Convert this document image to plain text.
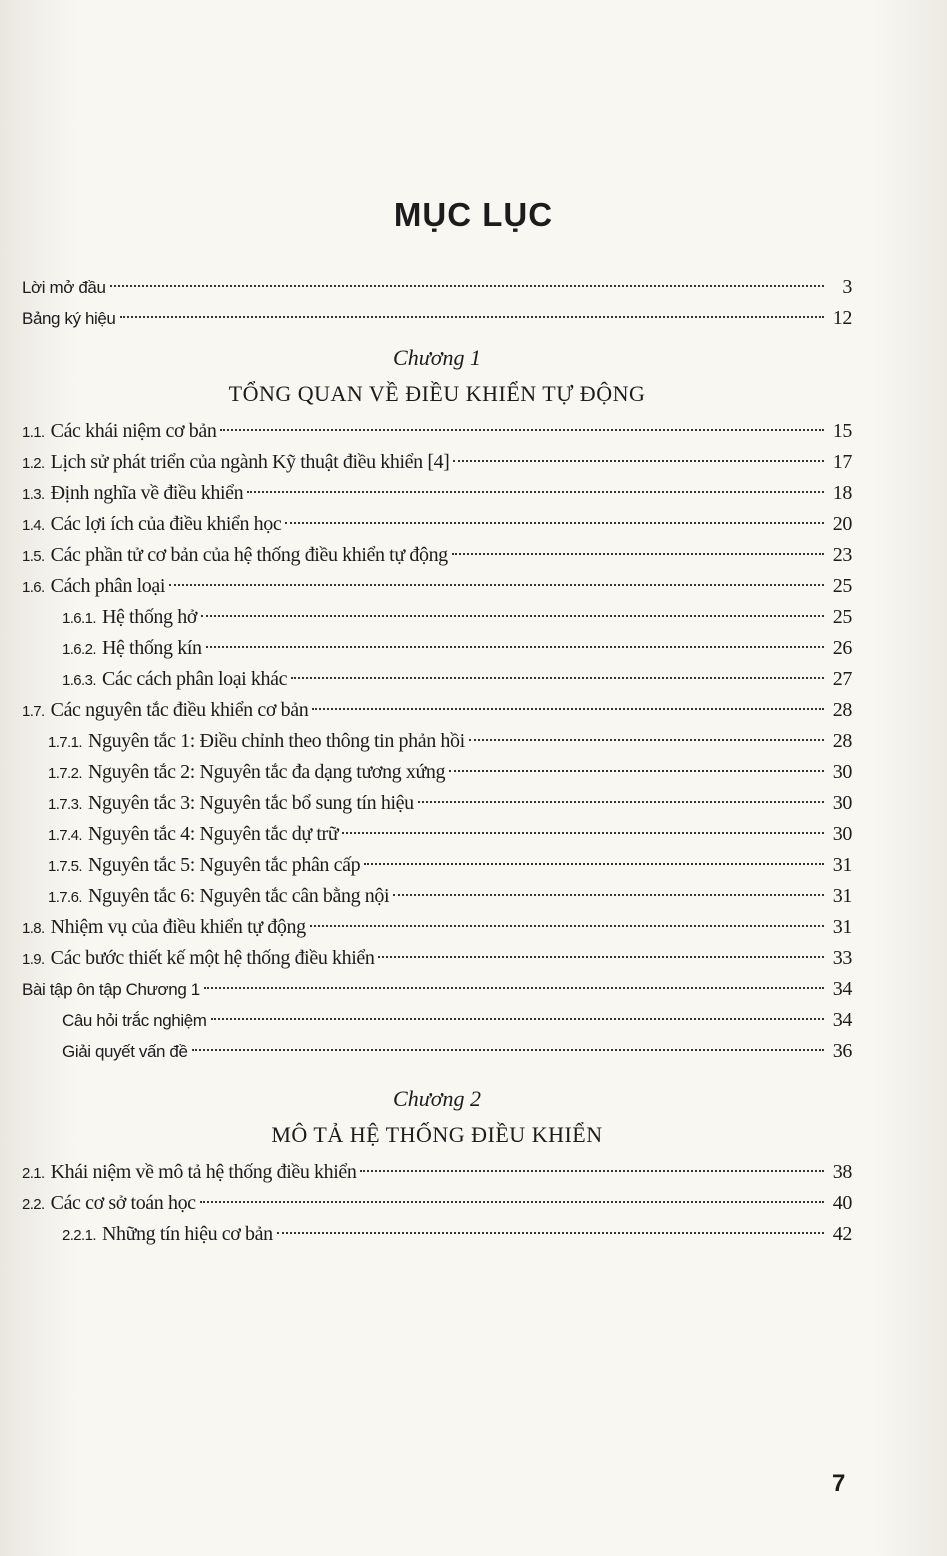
MỤC LỤC
Lời mở đầu	3
Bảng ký hiệu	12
Chương 1
TỔNG QUAN VỀ ĐIỀU KHIỂN TỰ ĐỘNG
1.1. Các khái niệm cơ bản	15
1.2. Lịch sử phát triển của ngành Kỹ thuật điều khiển [4]	17
1.3. Định nghĩa về điều khiển	18
1.4. Các lợi ích của điều khiển học	20
1.5. Các phần tử cơ bản của hệ thống điều khiển tự động	23
1.6. Cách phân loại	25
1.6.1. Hệ thống hở	25
1.6.2. Hệ thống kín	26
1.6.3. Các cách phân loại khác	27
1.7. Các nguyên tắc điều khiển cơ bản	28
1.7.1. Nguyên tắc 1: Điều chỉnh theo thông tin phản hồi	28
1.7.2. Nguyên tắc 2: Nguyên tắc đa dạng tương xứng	30
1.7.3. Nguyên tắc 3: Nguyên tắc bổ sung tín hiệu	30
1.7.4. Nguyên tắc 4: Nguyên tắc dự trữ	30
1.7.5. Nguyên tắc 5: Nguyên tắc phân cấp	31
1.7.6. Nguyên tắc 6: Nguyên tắc cân bằng nội	31
1.8. Nhiệm vụ của điều khiển tự động	31
1.9. Các bước thiết kế một hệ thống điều khiển	33
Bài tập ôn tập Chương 1	34
Câu hỏi trắc nghiệm	34
Giải quyết vấn đề	36
Chương 2
MÔ TẢ HỆ THỐNG ĐIỀU KHIỂN
2.1. Khái niệm về mô tả hệ thống điều khiển	38
2.2. Các cơ sở toán học	40
2.2.1. Những tín hiệu cơ bản	42
7
